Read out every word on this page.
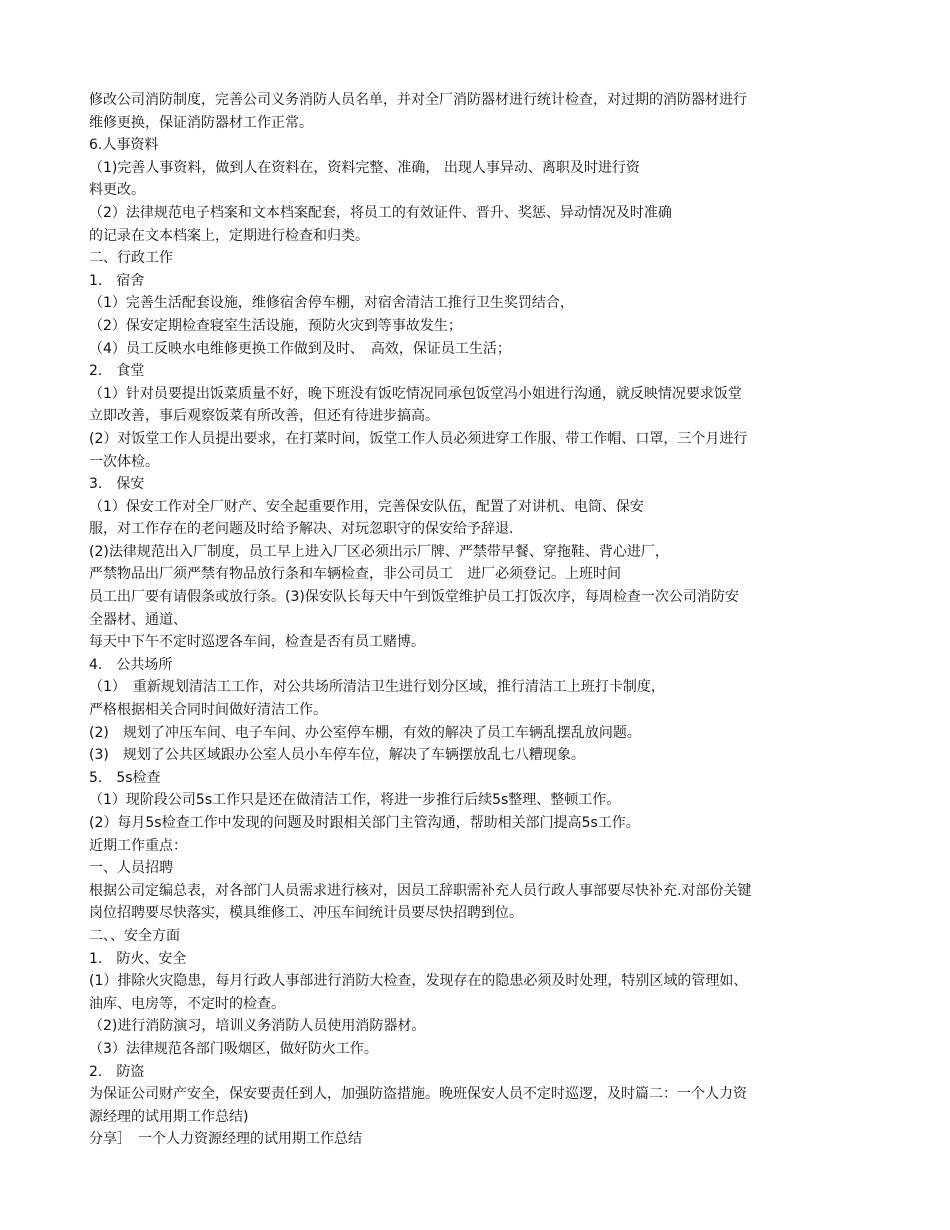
修改公司消防制度，完善公司义务消防人员名单，并对全厂消防器材进行统计检查，对过期的消防器材进行

维修更换，保证消防器材工作正常。

6.人事资料

（1)完善人事资料，做到人在资料在，资料完整、准确， 出现人事异动、离职及时进行资

料更改。

（2）法律规范电子档案和文本档案配套，将员工的有效证件、晋升、奖惩、异动情况及时准确

的记录在文本档案上，定期进行检查和归类。

二、行政工作

1.　宿舍

（1）完善生活配套设施，维修宿舍停车棚，对宿舍清洁工推行卫生奖罚结合，

（2）保安定期检查寝室生活设施，预防火灾到等事故发生；

（4）员工反映水电维修更换工作做到及时、　高效，保证员工生活；

2.　食堂

（1）针对员要提出饭菜质量不好，晚下班没有饭吃情况同承包饭堂冯小姐进行沟通，就反映情况要求饭堂

立即改善，事后观察饭菜有所改善，但还有待进步搞高。

(2）对饭堂工作人员提出要求，在打菜时间，饭堂工作人员必须进穿工作服、带工作帽、口罩，三个月进行

一次体检。

3.　保安

（1）保安工作对全厂财产、安全起重要作用，完善保安队伍，配置了对讲机、电筒、保安

服，对工作存在的老问题及时给予解决、对玩忽职守的保安给予辞退.

(2)法律规范出入厂制度，员工早上进入厂区必须出示厂牌、严禁带早餐、穿拖鞋、背心进厂，

严禁物品出厂须严禁有物品放行条和车辆检查，非公司员工　进厂必须登记。上班时间

员工出厂要有请假条或放行条。(3)保安队长每天中午到饭堂维护员工打饭次序，每周检查一次公司消防安

全器材、通道、

每天中下午不定时巡逻各车间，检查是否有员工赌博。

4.　公共场所

（1）　重新规划清洁工工作，对公共场所清洁卫生进行划分区域，推行清洁工上班打卡制度，

严格根据相关合同时间做好清洁工作。

(2)　规划了冲压车间、电子车间、办公室停车棚，有效的解决了员工车辆乱摆乱放问题。

(3)　规划了公共区域跟办公室人员小车停车位，解决了车辆摆放乱七八糟现象。

5.　5s检查

（1）现阶段公司5s工作只是还在做清洁工作，将进一步推行后续5s整理、整顿工作。

(2）每月5s检查工作中发现的问题及时跟相关部门主管沟通，帮助相关部门提高5s工作。

近期工作重点：

一、人员招聘

根据公司定编总表，对各部门人员需求进行核对，因员工辞职需补充人员行政人事部要尽快补充.对部份关键

岗位招聘要尽快落实，模具维修工、冲压车间统计员要尽快招聘到位。

二、、安全方面

1.　防火、安全

(1）排除火灾隐患，每月行政人事部进行消防大检查，发现存在的隐患必须及时处理，特别区域的管理如、

油库、电房等，不定时的检查。

（2)进行消防演习，培训义务消防人员使用消防器材。

（3）法律规范各部门吸烟区，做好防火工作。

2.　防盗

为保证公司财产安全，保安要责任到人，加强防盗措施。晚班保安人员不定时巡逻，及时篇二：一个人力资

源经理的试用期工作总结)

分享］　一个人力资源经理的试用期工作总结
